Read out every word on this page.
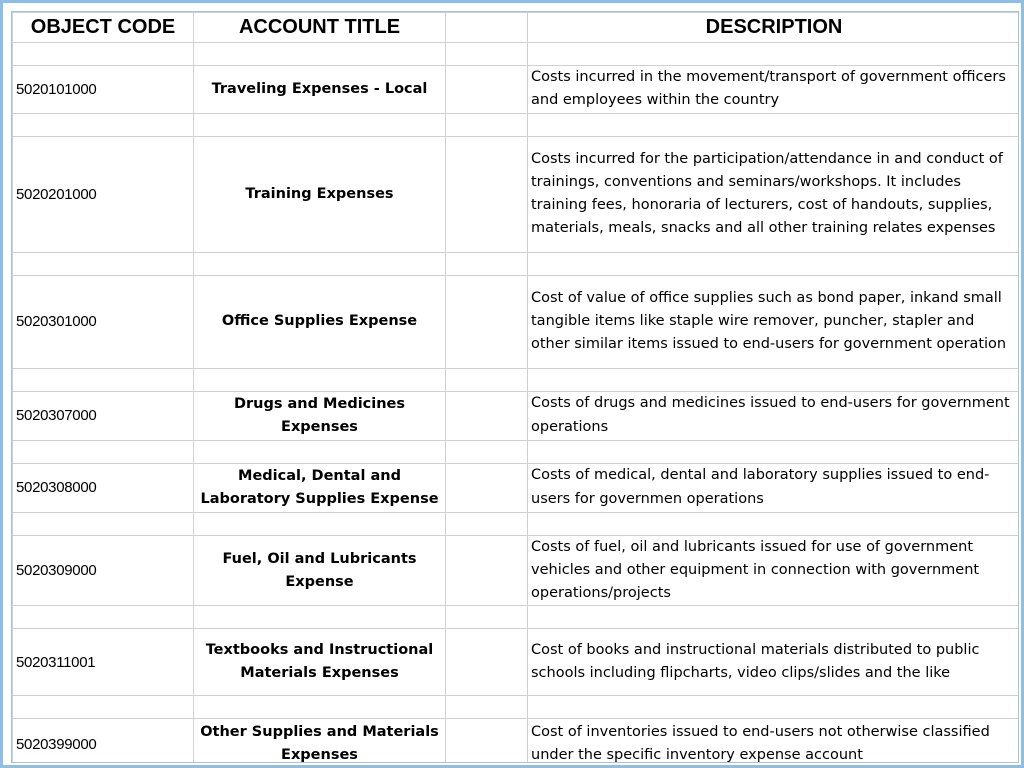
OBJECT CODE	ACCOUNT TITLE		DESCRIPTION

5020101000	Traveling Expenses - Local		Costs incurred in the movement/transport of government officers and employees within the country

5020201000	Training Expenses		Costs incurred for the participation/attendance in and conduct of trainings, conventions and seminars/workshops. It includes training fees, honoraria of lecturers, cost of handouts, supplies, materials, meals, snacks and all other training relates expenses

5020301000	Office Supplies Expense		Cost of value of office supplies such as bond paper, inkand small tangible items like staple wire remover, puncher, stapler and other similar items issued to end-users for government operation

5020307000	Drugs and Medicines Expenses		Costs of drugs and medicines issued to end-users for government operations

5020308000	Medical, Dental and Laboratory Supplies Expense		Costs of medical, dental and laboratory supplies issued to end-users for governmen operations

5020309000	Fuel, Oil and Lubricants Expense		Costs of fuel, oil and lubricants issued for use of government vehicles and other equipment in connection with government operations/projects

5020311001	Textbooks and Instructional Materials Expenses		Cost of books and instructional materials distributed to public schools including flipcharts, video clips/slides and the like

5020399000	Other Supplies and Materials Expenses		Cost of inventories issued to end-users not otherwise classified under the specific inventory expense account
